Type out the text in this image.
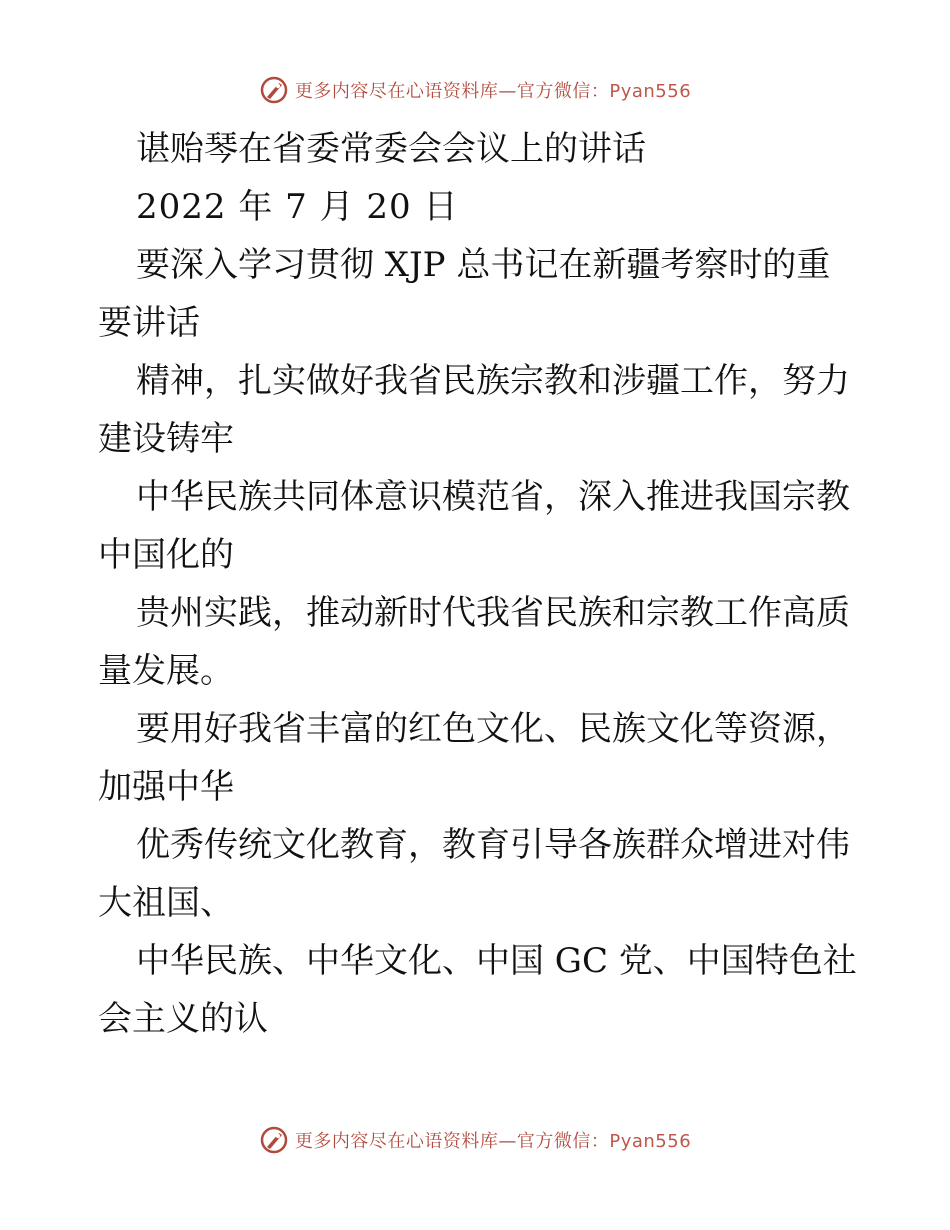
更多内容尽在心语资料库—官方微信：Pyan556
谌贻琴在省委常委会会议上的讲话
2022 年 7 月 20 日
要深入学习贯彻 XJP 总书记在新疆考察时的重
要讲话
精神，扎实做好我省民族宗教和涉疆工作，努力
建设铸牢
中华民族共同体意识模范省，深入推进我国宗教
中国化的
贵州实践，推动新时代我省民族和宗教工作高质
量发展。
要用好我省丰富的红色文化、民族文化等资源，
加强中华
优秀传统文化教育，教育引导各族群众增进对伟
大祖国、
中华民族、中华文化、中国 GC 党、中国特色社
会主义的认
更多内容尽在心语资料库—官方微信：Pyan556
